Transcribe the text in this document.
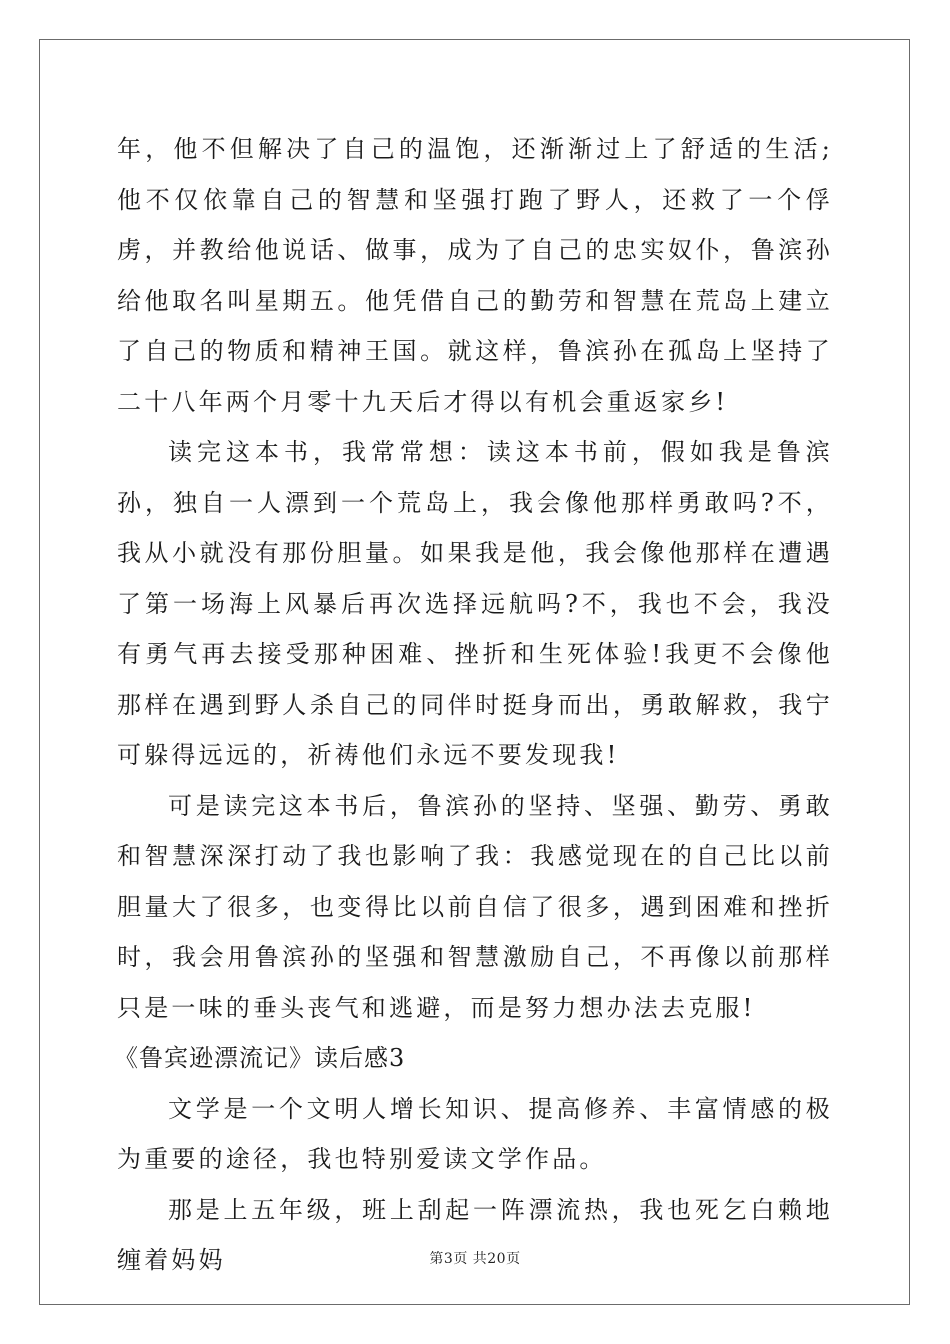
年，他不但解决了自己的温饱，还渐渐过上了舒适的生活;他不仅依靠自己的智慧和坚强打跑了野人，还救了一个俘虏，并教给他说话、做事，成为了自己的忠实奴仆，鲁滨孙给他取名叫星期五。他凭借自己的勤劳和智慧在荒岛上建立了自己的物质和精神王国。就这样，鲁滨孙在孤岛上坚持了二十八年两个月零十九天后才得以有机会重返家乡!

读完这本书，我常常想：读这本书前，假如我是鲁滨孙，独自一人漂到一个荒岛上，我会像他那样勇敢吗?不，我从小就没有那份胆量。如果我是他，我会像他那样在遭遇了第一场海上风暴后再次选择远航吗?不，我也不会，我没有勇气再去接受那种困难、挫折和生死体验!我更不会像他那样在遇到野人杀自己的同伴时挺身而出，勇敢解救，我宁可躲得远远的，祈祷他们永远不要发现我!

可是读完这本书后，鲁滨孙的坚持、坚强、勤劳、勇敢和智慧深深打动了我也影响了我：我感觉现在的自己比以前胆量大了很多，也变得比以前自信了很多，遇到困难和挫折时，我会用鲁滨孙的坚强和智慧激励自己，不再像以前那样只是一味的垂头丧气和逃避，而是努力想办法去克服!

《鲁宾逊漂流记》读后感3

文学是一个文明人增长知识、提高修养、丰富情感的极为重要的途径，我也特别爱读文学作品。

那是上五年级，班上刮起一阵漂流热，我也死乞白赖地缠着妈妈	第3页 共20页
